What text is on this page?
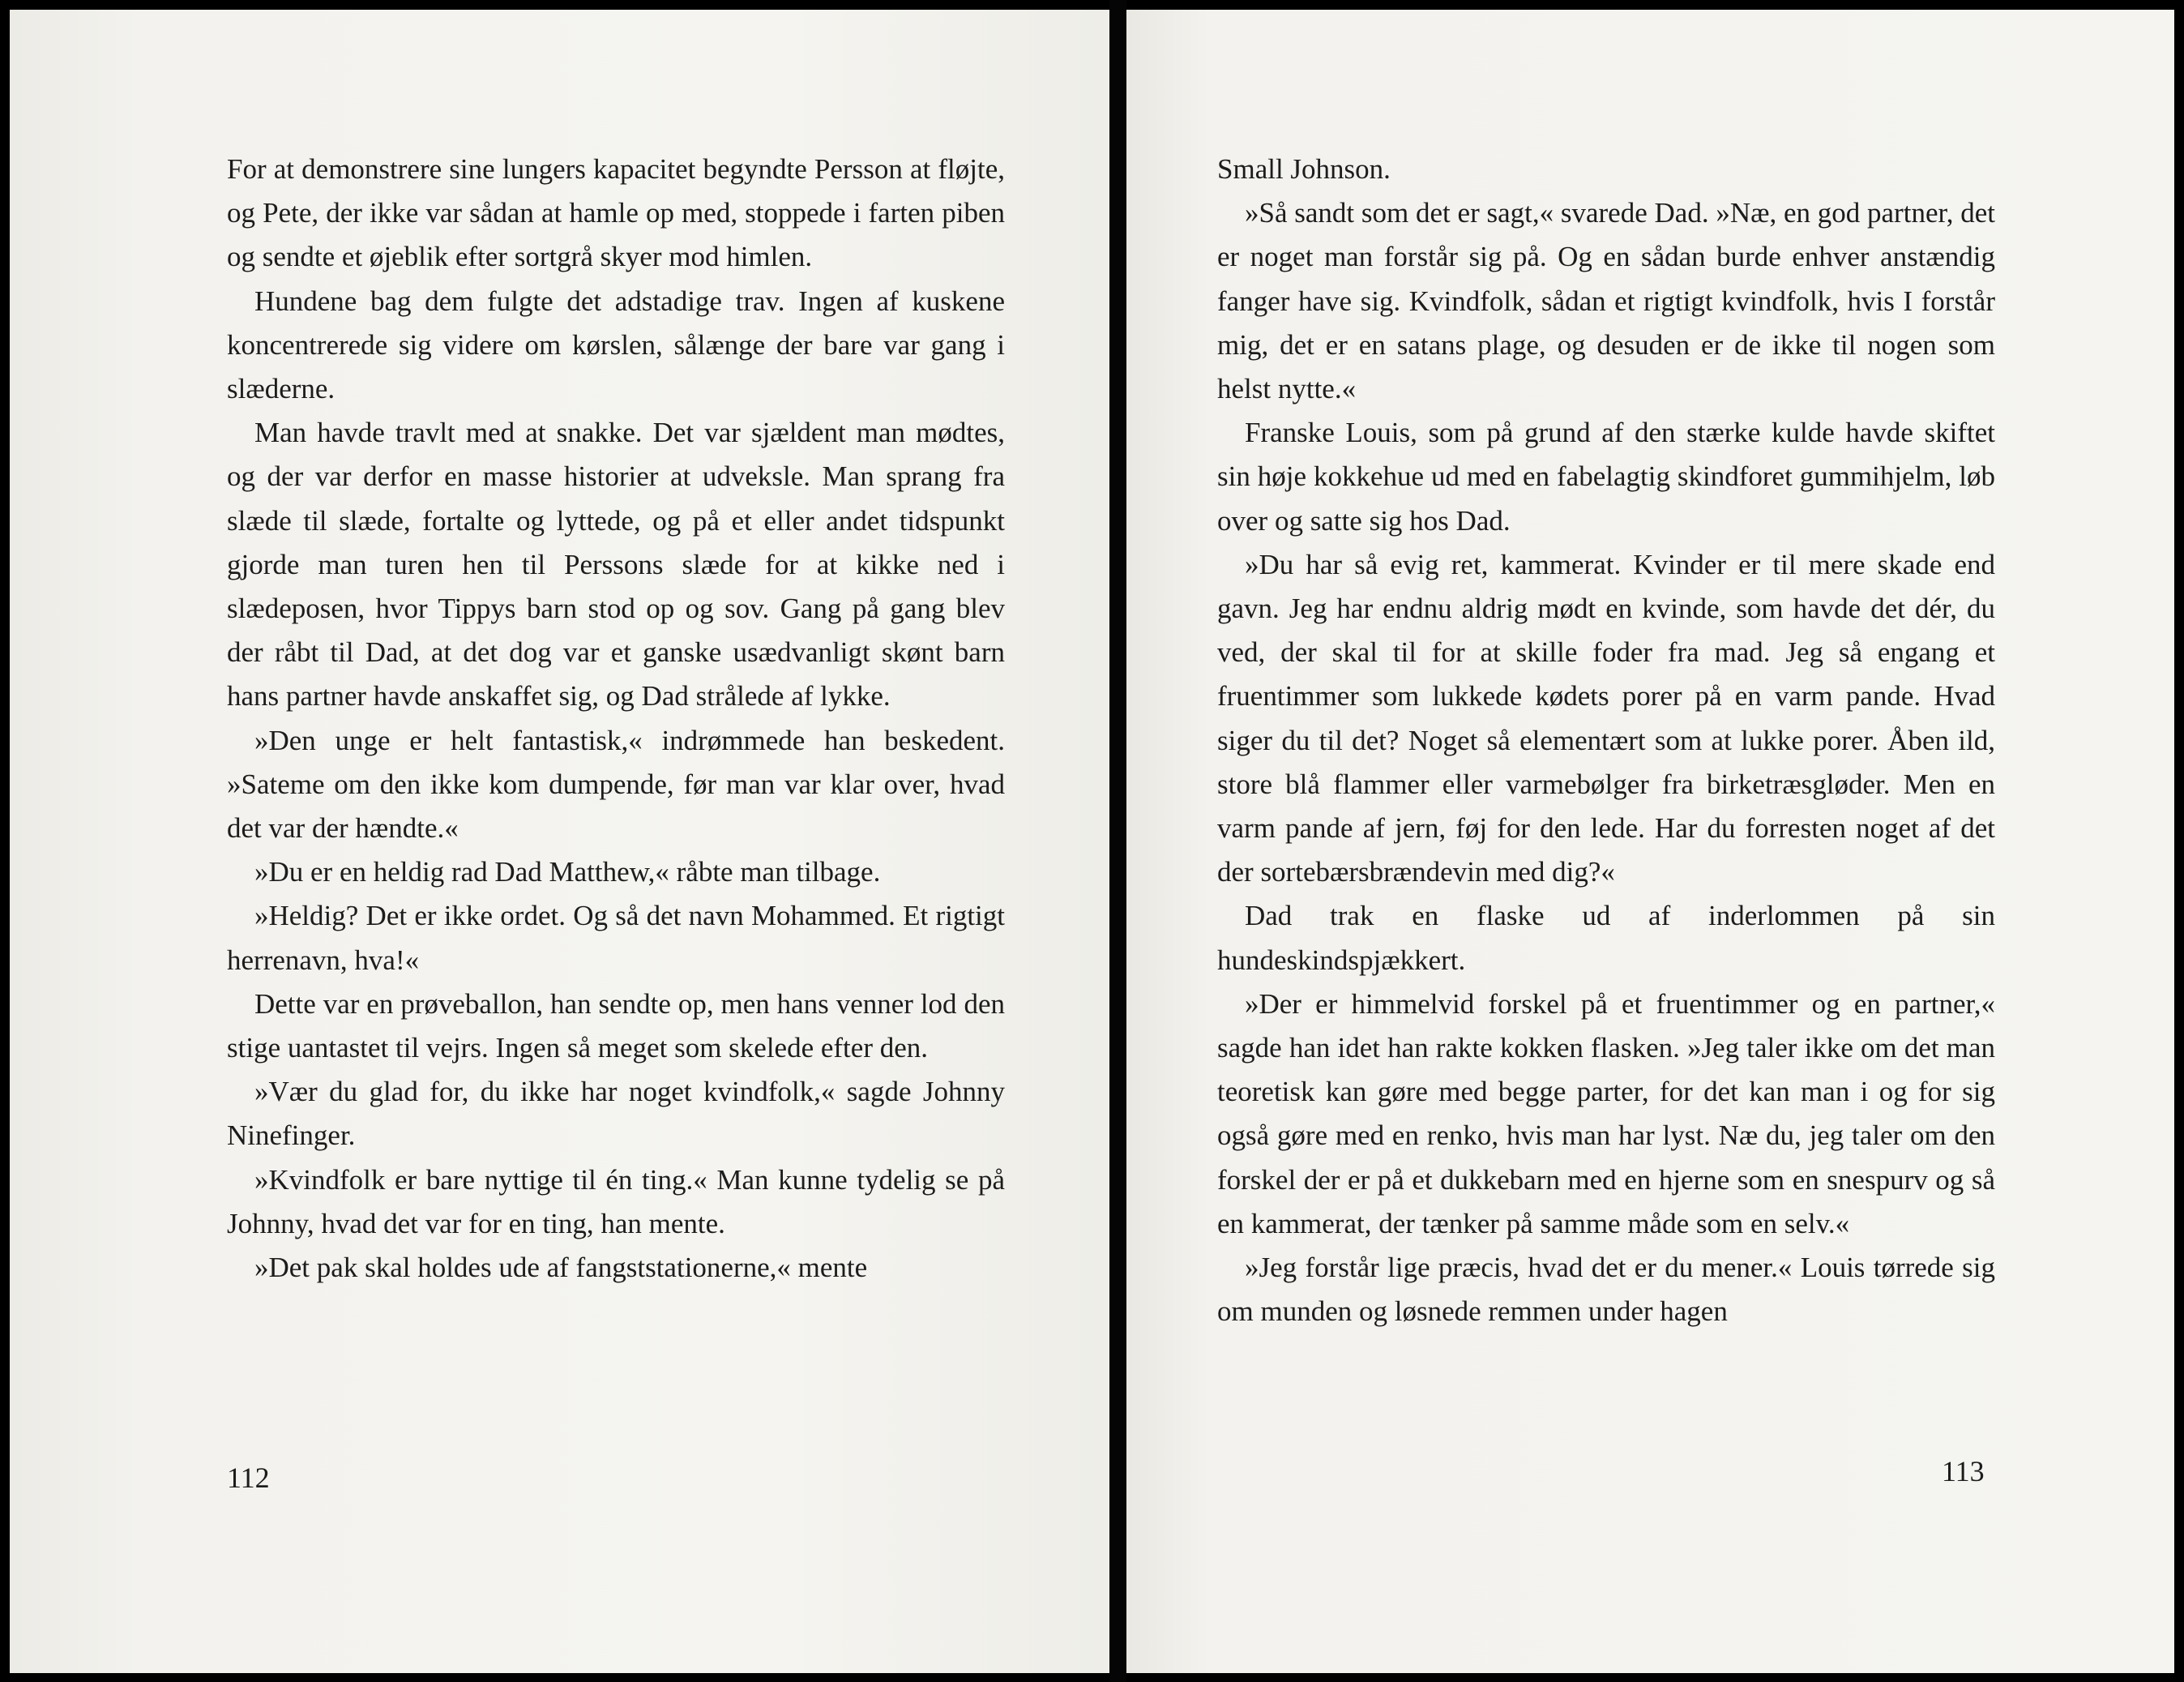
For at demonstrere sine lungers kapacitet begyndte Persson at fløjte, og Pete, der ikke var sådan at hamle op med, stoppede i farten piben og sendte et øjeblik efter sortgrå skyer mod himlen.

Hundene bag dem fulgte det adstadige trav. Ingen af kuskene koncentrerede sig videre om kørslen, sålænge der bare var gang i slæderne.

Man havde travlt med at snakke. Det var sjældent man mødtes, og der var derfor en masse historier at udveksle. Man sprang fra slæde til slæde, fortalte og lyttede, og på et eller andet tidspunkt gjorde man turen hen til Perssons slæde for at kikke ned i slædeposen, hvor Tippys barn stod op og sov. Gang på gang blev der råbt til Dad, at det dog var et ganske usædvanligt skønt barn hans partner havde anskaffet sig, og Dad strålede af lykke.

»Den unge er helt fantastisk,« indrømmede han beskedent. »Sateme om den ikke kom dumpende, før man var klar over, hvad det var der hændte.«

»Du er en heldig rad Dad Matthew,« råbte man tilbage.

»Heldig? Det er ikke ordet. Og så det navn Mohammed. Et rigtigt herrenavn, hva!«

Dette var en prøveballon, han sendte op, men hans venner lod den stige uantastet til vejrs. Ingen så meget som skelede efter den.

»Vær du glad for, du ikke har noget kvindfolk,« sagde Johnny Ninefinger.

»Kvindfolk er bare nyttige til én ting.« Man kunne tydelig se på Johnny, hvad det var for en ting, han mente.

»Det pak skal holdes ude af fangststationerne,« mente

112

Small Johnson.

»Så sandt som det er sagt,« svarede Dad. »Næ, en god partner, det er noget man forstår sig på. Og en sådan burde enhver anstændig fanger have sig. Kvindfolk, sådan et rigtigt kvindfolk, hvis I forstår mig, det er en satans plage, og desuden er de ikke til nogen som helst nytte.«

Franske Louis, som på grund af den stærke kulde havde skiftet sin høje kokkehue ud med en fabelagtig skindforet gummihjelm, løb over og satte sig hos Dad.

»Du har så evig ret, kammerat. Kvinder er til mere skade end gavn. Jeg har endnu aldrig mødt en kvinde, som havde det dér, du ved, der skal til for at skille foder fra mad. Jeg så engang et fruentimmer som lukkede kødets porer på en varm pande. Hvad siger du til det? Noget så elementært som at lukke porer. Åben ild, store blå flammer eller varmebølger fra birketræsgløder. Men en varm pande af jern, føj for den lede. Har du forresten noget af det der sortebærsbrændevin med dig?«

Dad trak en flaske ud af inderlommen på sin hundeskindspjækkert.

»Der er himmelvid forskel på et fruentimmer og en partner,« sagde han idet han rakte kokken flasken. »Jeg taler ikke om det man teoretisk kan gøre med begge parter, for det kan man i og for sig også gøre med en renko, hvis man har lyst. Næ du, jeg taler om den forskel der er på et dukkebarn med en hjerne som en snespurv og så en kammerat, der tænker på samme måde som en selv.«

»Jeg forstår lige præcis, hvad det er du mener.« Louis tørrede sig om munden og løsnede remmen under hagen

113
